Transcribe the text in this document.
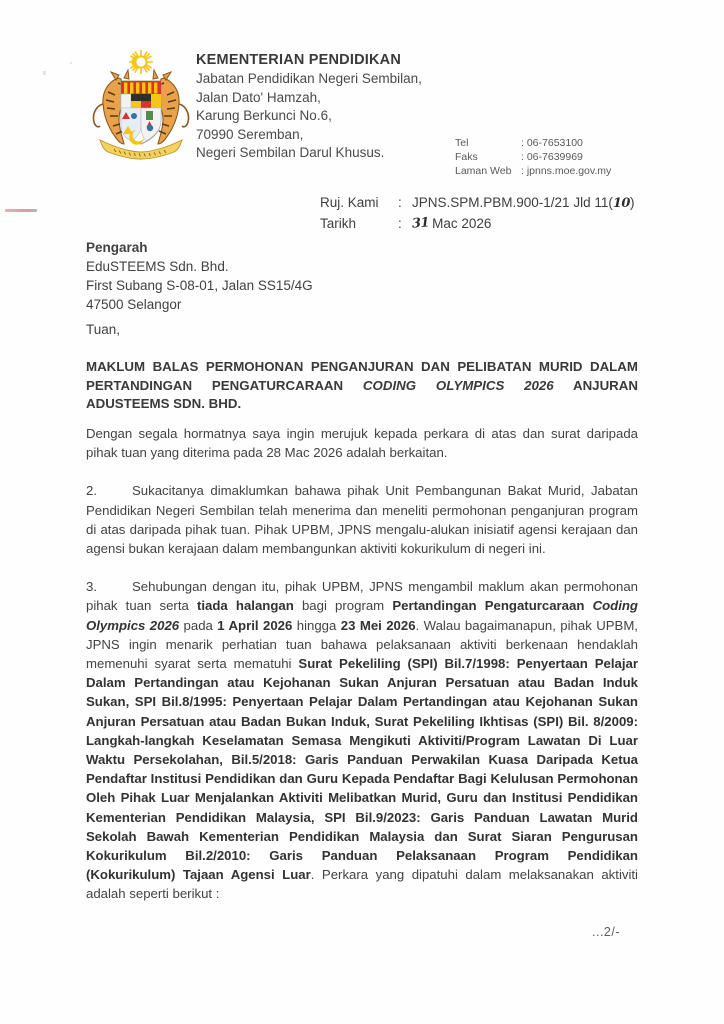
KEMENTERIAN PENDIDIKAN
Jabatan Pendidikan Negeri Sembilan,
Jalan Dato' Hamzah,
Karung Berkunci No.6,
70990 Seremban,
Negeri Sembilan Darul Khusus.
Tel	: 06-7653100
Faks	: 06-7639969
Laman Web : jpnns.moe.gov.my
Ruj. Kami	: JPNS.SPM.PBM.900-1/21 Jld 11(10)
Tarikh	: 31 Mac 2026
Pengarah
EduSTEEMS Sdn. Bhd.
First Subang S-08-01, Jalan SS15/4G
47500 Selangor
Tuan,
MAKLUM BALAS PERMOHONAN PENGANJURAN DAN PELIBATAN MURID DALAM PERTANDINGAN PENGATURCARAAN CODING OLYMPICS 2026 ANJURAN ADUSTEEMS SDN. BHD.

Dengan segala hormatnya saya ingin merujuk kepada perkara di atas dan surat daripada pihak tuan yang diterima pada 28 Mac 2026 adalah berkaitan.

2.	Sukacitanya dimaklumkan bahawa pihak Unit Pembangunan Bakat Murid, Jabatan Pendidikan Negeri Sembilan telah menerima dan meneliti permohonan penganjuran program di atas daripada pihak tuan. Pihak UPBM, JPNS mengalu-alukan inisiatif agensi kerajaan dan agensi bukan kerajaan dalam membangunkan aktiviti kokurikulum di negeri ini.

3.	Sehubungan dengan itu, pihak UPBM, JPNS mengambil maklum akan permohonan pihak tuan serta tiada halangan bagi program Pertandingan Pengaturcaraan Coding Olympics 2026 pada 1 April 2026 hingga 23 Mei 2026. Walau bagaimanapun, pihak UPBM, JPNS ingin menarik perhatian tuan bahawa pelaksanaan aktiviti berkenaan hendaklah memenuhi syarat serta mematuhi Surat Pekeliling (SPI) Bil.7/1998: Penyertaan Pelajar Dalam Pertandingan atau Kejohanan Sukan Anjuran Persatuan atau Badan Induk Sukan, SPI Bil.8/1995: Penyertaan Pelajar Dalam Pertandingan atau Kejohanan Sukan Anjuran Persatuan atau Badan Bukan Induk, Surat Pekeliling Ikhtisas (SPI) Bil. 8/2009: Langkah-langkah Keselamatan Semasa Mengikuti Aktiviti/Program Lawatan Di Luar Waktu Persekolahan, Bil.5/2018: Garis Panduan Perwakilan Kuasa Daripada Ketua Pendaftar Institusi Pendidikan dan Guru Kepada Pendaftar Bagi Kelulusan Permohonan Oleh Pihak Luar Menjalankan Aktiviti Melibatkan Murid, Guru dan Institusi Pendidikan Kementerian Pendidikan Malaysia, SPI Bil.9/2023: Garis Panduan Lawatan Murid Sekolah Bawah Kementerian Pendidikan Malaysia dan Surat Siaran Pengurusan Kokurikulum Bil.2/2010: Garis Panduan Pelaksanaan Program Pendidikan (Kokurikulum) Tajaan Agensi Luar. Perkara yang dipatuhi dalam melaksanakan aktiviti adalah seperti berikut :

...2/-
